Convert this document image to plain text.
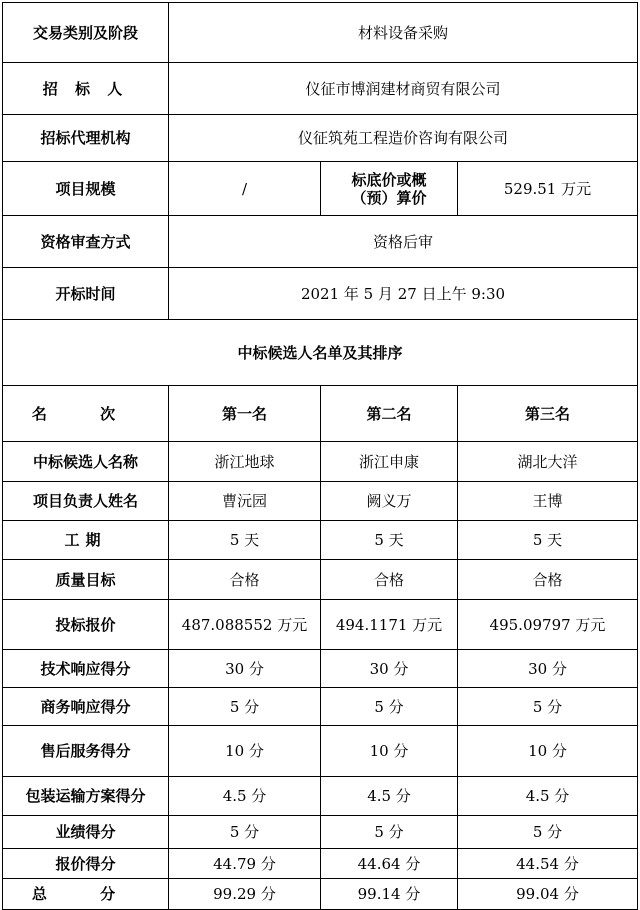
交易类别及阶段	材料设备采购		
招 标 人	仪征市博润建材商贸有限公司		
招标代理机构	仪征筑苑工程造价咨询有限公司		
项目规模	/	标底价或概（预）算价	529.51 万元
资格审查方式	资格后审		
开标时间	2021 年 5 月 27 日上午 9:30		
中标候选人名单及其排序			
名 次	第一名	第二名	第三名
中标候选人名称	浙江地球	浙江申康	湖北大洋
项目负责人姓名	曹沅园	阙义万	王博
工期	5 天	5 天	5 天
质量目标	合格	合格	合格
投标报价	487.088552 万元	494.1171 万元	495.09797 万元
技术响应得分	30 分	30 分	30 分
商务响应得分	5 分	5 分	5 分
售后服务得分	10 分	10 分	10 分
包装运输方案得分	4.5 分	4.5 分	4.5 分
业绩得分	5 分	5 分	5 分
报价得分	44.79 分	44.64 分	44.54 分
总 分	99.29 分	99.14 分	99.04 分
